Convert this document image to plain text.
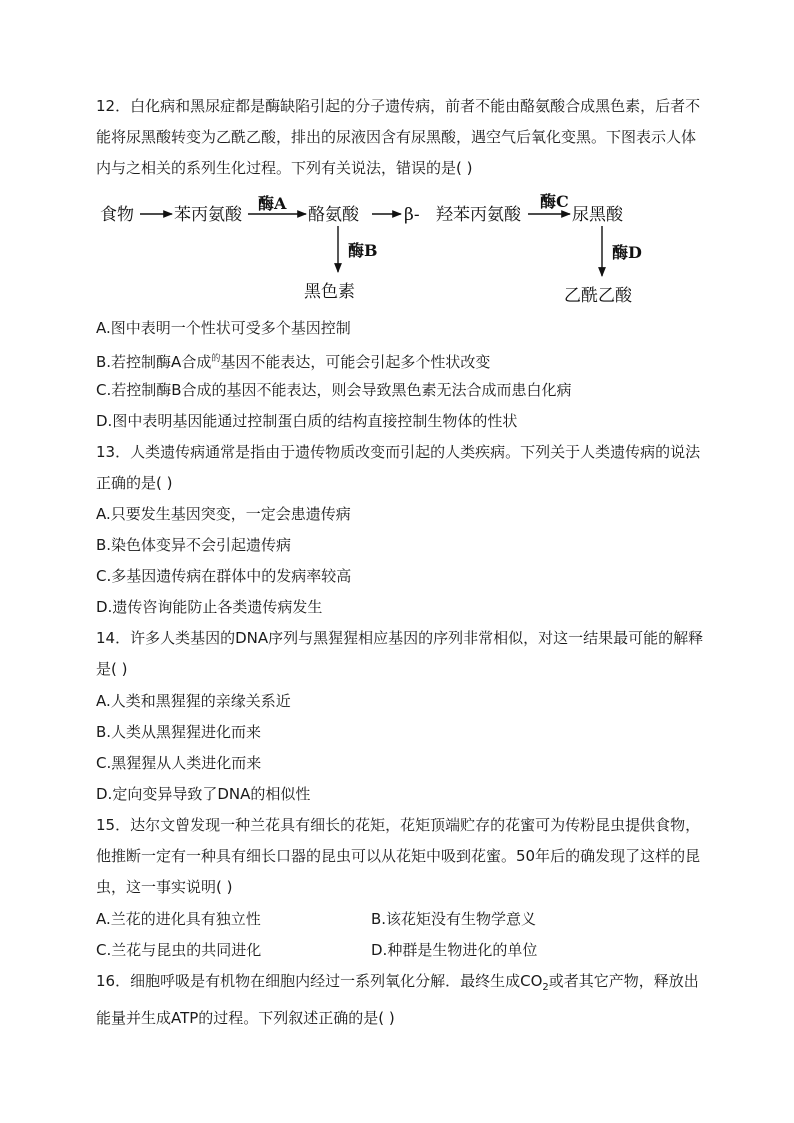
12．白化病和黑尿症都是酶缺陷引起的分子遗传病，前者不能由酪氨酸合成黑色素，后者不能将尿黑酸转变为乙酰乙酸，排出的尿液因含有尿黑酸，遇空气后氧化变黑。下图表示人体内与之相关的系列生化过程。下列有关说法，错误的是( )
食物 苯丙氨酸
酶A
酪氨酸	β- 羟苯丙氨酸
酶C
尿黑酸
酶B
黑色素
酶D
乙酰乙酸
A.图中表明一个性状可受多个基因控制
B.若控制酶A合成$^的$基因不能表达，可能会引起多个性状改变
C.若控制酶B合成的基因不能表达，则会导致黑色素无法合成而患白化病
D.图中表明基因能通过控制蛋白质的结构直接控制生物体的性状
13．人类遗传病通常是指由于遗传物质改变而引起的人类疾病。下列关于人类遗传病的说法正确的是( )
A.只要发生基因突变，一定会患遗传病
B.染色体变异不会引起遗传病
C.多基因遗传病在群体中的发病率较高
D.遗传咨询能防止各类遗传病发生
14．许多人类基因的DNA序列与黑猩猩相应基因的序列非常相似，对这一结果最可能的解释是( )
A.人类和黑猩猩的亲缘关系近
B.人类从黑猩猩进化而来
C.黑猩猩从人类进化而来
D.定向变异导致了DNA的相似性
15．达尔文曾发现一种兰花具有细长的花矩，花矩顶端贮存的花蜜可为传粉昆虫提供食物，他推断一定有一种具有细长口器的昆虫可以从花矩中吸到花蜜。50年后的确发现了这样的昆虫，这一事实说明( )
A.兰花的进化具有独立性	B.该花矩没有生物学意义
C.兰花与昆虫的共同进化	D.种群是生物进化的单位
16．细胞呼吸是有机物在细胞内经过一系列氧化分解．最终生成$CO_2$或者其它产物，释放出能量并生成ATP的过程。下列叙述正确的是( )
